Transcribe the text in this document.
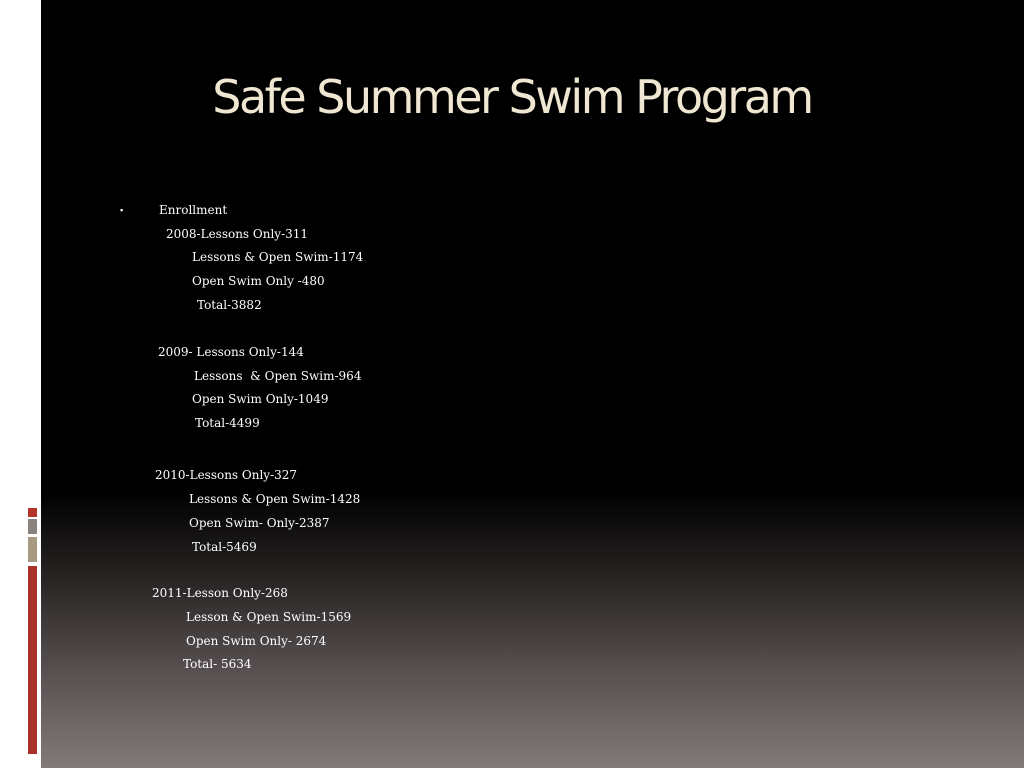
Safe Summer Swim Program
▪	Enrollment
2008-Lessons Only-311
Lessons & Open Swim-1174
Open Swim Only -480
Total-3882
2009- Lessons Only-144
Lessons  & Open Swim-964
Open Swim Only-1049
Total-4499
2010-Lessons Only-327
Lessons & Open Swim-1428
Open Swim- Only-2387
Total-5469
2011-Lesson Only-268
Lesson & Open Swim-1569
Open Swim Only- 2674
Total- 5634
